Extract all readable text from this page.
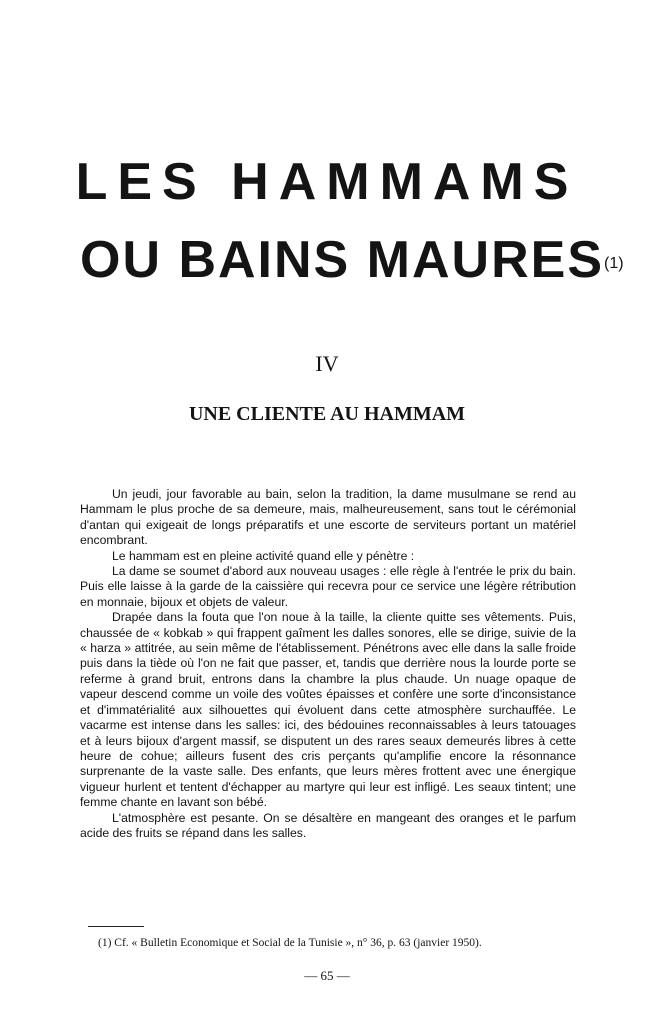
LES HAMMAMS
OU BAINS MAURES$^{(1)}$
IV
UNE CLIENTE AU HAMMAM

Un jeudi, jour favorable au bain, selon la tradition, la dame musulmane se rend au Hammam le plus proche de sa demeure, mais, malheureusement, sans tout le cérémonial d'antan qui exigeait de longs préparatifs et une escorte de serviteurs portant un matériel encombrant.

Le hammam est en pleine activité quand elle y pénètre :

La dame se soumet d'abord aux nouveau usages : elle règle à l'entrée le prix du bain. Puis elle laisse à la garde de la caissière qui recevra pour ce service une légère rétribution en monnaie, bijoux et objets de valeur.

Drapée dans la fouta que l'on noue à la taille, la cliente quitte ses vêtements. Puis, chaussée de « kobkab » qui frappent gaîment les dalles sonores, elle se dirige, suivie de la « harza » attitrée, au sein même de l'établissement. Pénétrons avec elle dans la salle froide puis dans la tiède où l'on ne fait que passer, et, tandis que derrière nous la lourde porte se referme à grand bruit, entrons dans la chambre la plus chaude. Un nuage opaque de vapeur descend comme un voile des voûtes épaisses et confère une sorte d'inconsistance et d'immatérialité aux silhouettes qui évoluent dans cette atmosphère surchauffée. Le vacarme est intense dans les salles: ici, des bédouines reconnaissables à leurs tatouages et à leurs bijoux d'argent massif, se disputent un des rares seaux demeurés libres à cette heure de cohue; ailleurs fusent des cris perçants qu'amplifie encore la résonnance surprenante de la vaste salle. Des enfants, que leurs mères frottent avec une énergique vigueur hurlent et tentent d'échapper au martyre qui leur est infligé. Les seaux tintent; une femme chante en lavant son bébé.

L'atmosphère est pesante. On se désaltère en mangeant des oranges et le parfum acide des fruits se répand dans les salles.

(1) Cf. « Bulletin Economique et Social de la Tunisie », n° 36, p. 63 (janvier 1950).
— 65 —
